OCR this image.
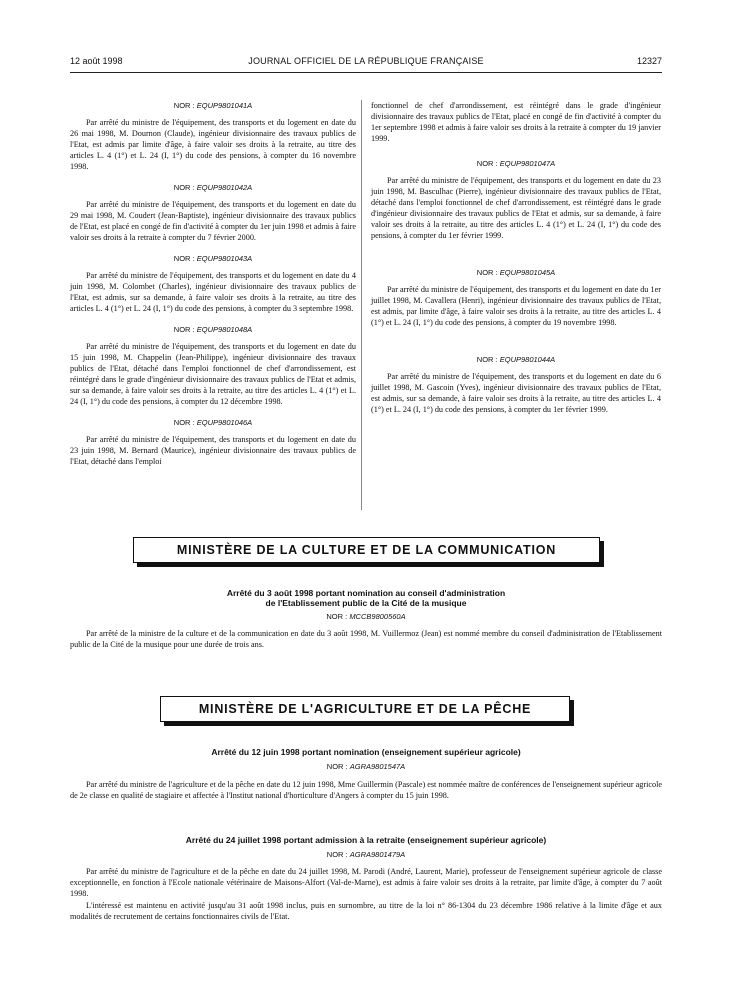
12 août 1998	JOURNAL OFFICIEL DE LA RÉPUBLIQUE FRANÇAISE	12327
NOR : EQUP9801041A

Par arrêté du ministre de l'équipement, des transports et du logement en date du 26 mai 1998, M. Dournon (Claude), ingénieur divisionnaire des travaux publics de l'Etat, est admis par limite d'âge, à faire valoir ses droits à la retraite, au titre des articles L. 4 (1°) et L. 24 (I, 1°) du code des pensions, à compter du 16 novembre 1998.

NOR : EQUP9801042A

Par arrêté du ministre de l'équipement, des transports et du logement en date du 29 mai 1998, M. Coudert (Jean-Baptiste), ingénieur divisionnaire des travaux publics de l'Etat, est placé en congé de fin d'activité à compter du 1er juin 1998 et admis à faire valoir ses droits à la retraite à compter du 7 février 2000.

NOR : EQUP9801043A

Par arrêté du ministre de l'équipement, des transports et du logement en date du 4 juin 1998, M. Colombet (Charles), ingénieur divisionnaire des travaux publics de l'Etat, est admis, sur sa demande, à faire valoir ses droits à la retraite, au titre des articles L. 4 (1°) et L. 24 (I, 1°) du code des pensions, à compter du 3 septembre 1998.

NOR : EQUP9801048A

Par arrêté du ministre de l'équipement, des transports et du logement en date du 15 juin 1998, M. Chappelin (Jean-Philippe), ingénieur divisionnaire des travaux publics de l'Etat, détaché dans l'emploi fonctionnel de chef d'arrondissement, est réintégré dans le grade d'ingénieur divisionnaire des travaux publics de l'Etat et admis, sur sa demande, à faire valoir ses droits à la retraite, au titre des articles L. 4 (1°) et L. 24 (I, 1°) du code des pensions, à compter du 12 décembre 1998.

NOR : EQUP9801046A

Par arrêté du ministre de l'équipement, des transports et du logement en date du 23 juin 1998, M. Bernard (Maurice), ingénieur divisionnaire des travaux publics de l'Etat, détaché dans l'emploi

fonctionnel de chef d'arrondissement, est réintégré dans le grade d'ingénieur divisionnaire des travaux publics de l'Etat, placé en congé de fin d'activité à compter du 1er septembre 1998 et admis à faire valoir ses droits à la retraite à compter du 19 janvier 1999.

NOR : EQUP9801047A

Par arrêté du ministre de l'équipement, des transports et du logement en date du 23 juin 1998, M. Basculhac (Pierre), ingénieur divisionnaire des travaux publics de l'Etat, détaché dans l'emploi fonctionnel de chef d'arrondissement, est réintégré dans le grade d'ingénieur divisionnaire des travaux publics de l'Etat et admis, sur sa demande, à faire valoir ses droits à la retraite, au titre des articles L. 4 (1°) et L. 24 (I, 1°) du code des pensions, à compter du 1er février 1999.

NOR : EQUP9801045A

Par arrêté du ministre de l'équipement, des transports et du logement en date du 1er juillet 1998, M. Cavallera (Henri), ingénieur divisionnaire des travaux publics de l'Etat, est admis, par limite d'âge, à faire valoir ses droits à la retraite, au titre des articles L. 4 (1°) et L. 24 (I, 1°) du code des pensions, à compter du 19 novembre 1998.

NOR : EQUP9801044A

Par arrêté du ministre de l'équipement, des transports et du logement en date du 6 juillet 1998, M. Gascoin (Yves), ingénieur divisionnaire des travaux publics de l'Etat, est admis, sur sa demande, à faire valoir ses droits à la retraite, au titre des articles L. 4 (1°) et L. 24 (I, 1°) du code des pensions, à compter du 1er février 1999.

MINISTÈRE DE LA CULTURE ET DE LA COMMUNICATION
Arrêté du 3 août 1998 portant nomination au conseil d'administration
de l'Etablissement public de la Cité de la musique
NOR : MCCB9800560A

Par arrêté de la ministre de la culture et de la communication en date du 3 août 1998, M. Vuillermoz (Jean) est nommé membre du conseil d'administration de l'Etablissement public de la Cité de la musique pour une durée de trois ans.

MINISTÈRE DE L'AGRICULTURE ET DE LA PÊCHE
Arrêté du 12 juin 1998 portant nomination (enseignement supérieur agricole)
NOR : AGRA9801547A

Par arrêté du ministre de l'agriculture et de la pêche en date du 12 juin 1998, Mme Guillermin (Pascale) est nommée maître de conférences de l'enseignement supérieur agricole de 2e classe en qualité de stagiaire et affectée à l'Institut national d'horticulture d'Angers à compter du 15 juin 1998.

Arrêté du 24 juillet 1998 portant admission à la retraite (enseignement supérieur agricole)
NOR : AGRA9801479A

Par arrêté du ministre de l'agriculture et de la pêche en date du 24 juillet 1998, M. Parodi (André, Laurent, Marie), professeur de l'enseignement supérieur agricole de classe exceptionnelle, en fonction à l'Ecole nationale vétérinaire de Maisons-Alfort (Val-de-Marne), est admis à faire valoir ses droits à la retraite, par limite d'âge, à compter du 7 août 1998.

L'intéressé est maintenu en activité jusqu'au 31 août 1998 inclus, puis en surnombre, au titre de la loi n° 86-1304 du 23 décembre 1986 relative à la limite d'âge et aux modalités de recrutement de certains fonctionnaires civils de l'Etat.
